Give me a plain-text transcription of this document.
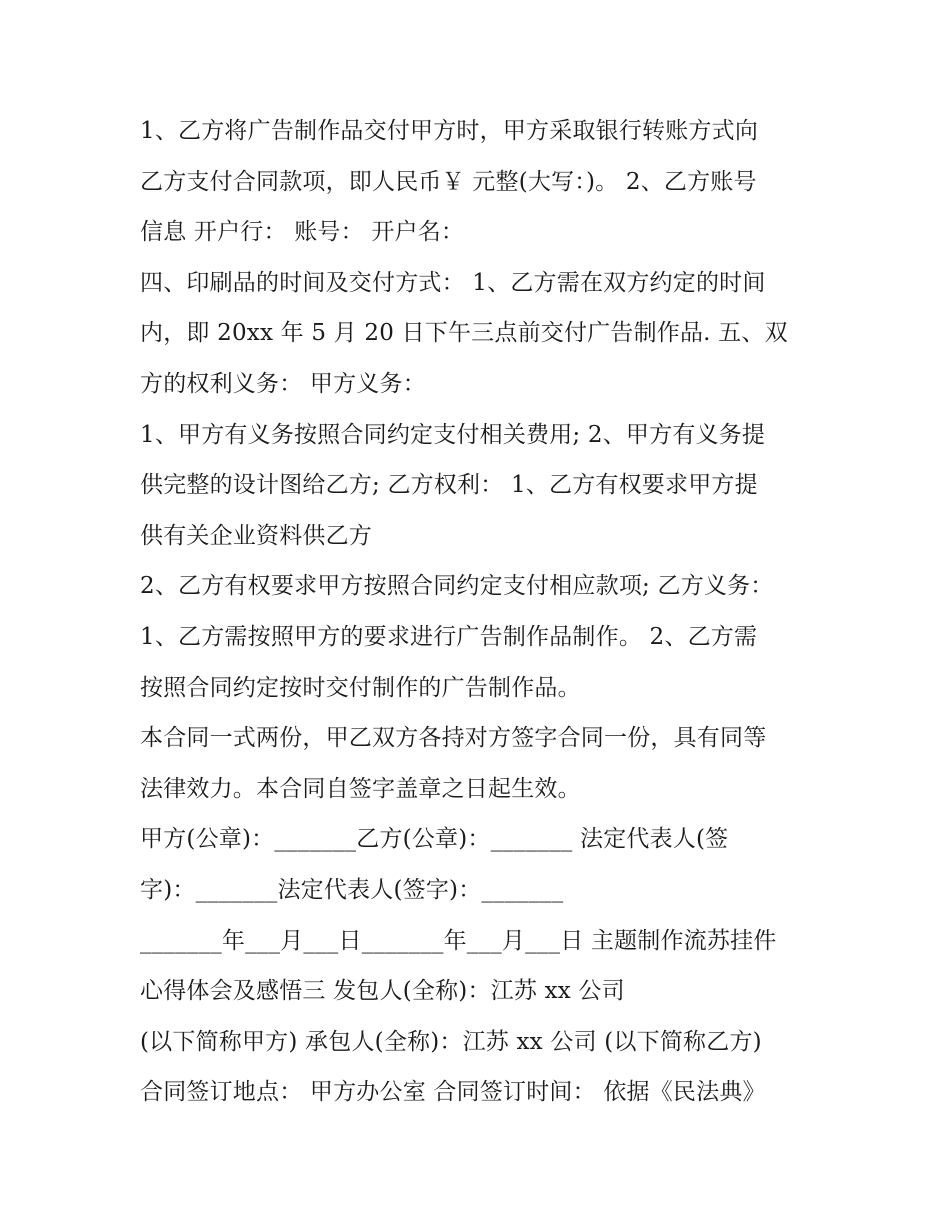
1、乙方将广告制作品交付甲方时，甲方采取银行转账方式向
乙方支付合同款项，即人民币￥ 元整(大写：)。 2、乙方账号
信息 开户行： 账号： 开户名：
四、印刷品的时间及交付方式： 1、乙方需在双方约定的时间
内，即 20xx 年 5 月 20 日下午三点前交付广告制作品. 五、双
方的权利义务： 甲方义务：
1、甲方有义务按照合同约定支付相关费用; 2、甲方有义务提
供完整的设计图给乙方; 乙方权利： 1、乙方有权要求甲方提
供有关企业资料供乙方
2、乙方有权要求甲方按照合同约定支付相应款项; 乙方义务：
1、乙方需按照甲方的要求进行广告制作品制作。 2、乙方需
按照合同约定按时交付制作的广告制作品。
本合同一式两份，甲乙双方各持对方签字合同一份，具有同等
法律效力。本合同自签字盖章之日起生效。
甲方(公章)：_______乙方(公章)：_______ 法定代表人(签
字)：_______法定代表人(签字)：_______
_______年___月___日_______年___月___日 主题制作流苏挂件
心得体会及感悟三 发包人(全称)：江苏 xx 公司
(以下简称甲方) 承包人(全称)：江苏 xx 公司 (以下简称乙方)
合同签订地点： 甲方办公室 合同签订时间： 依据《民法典》
